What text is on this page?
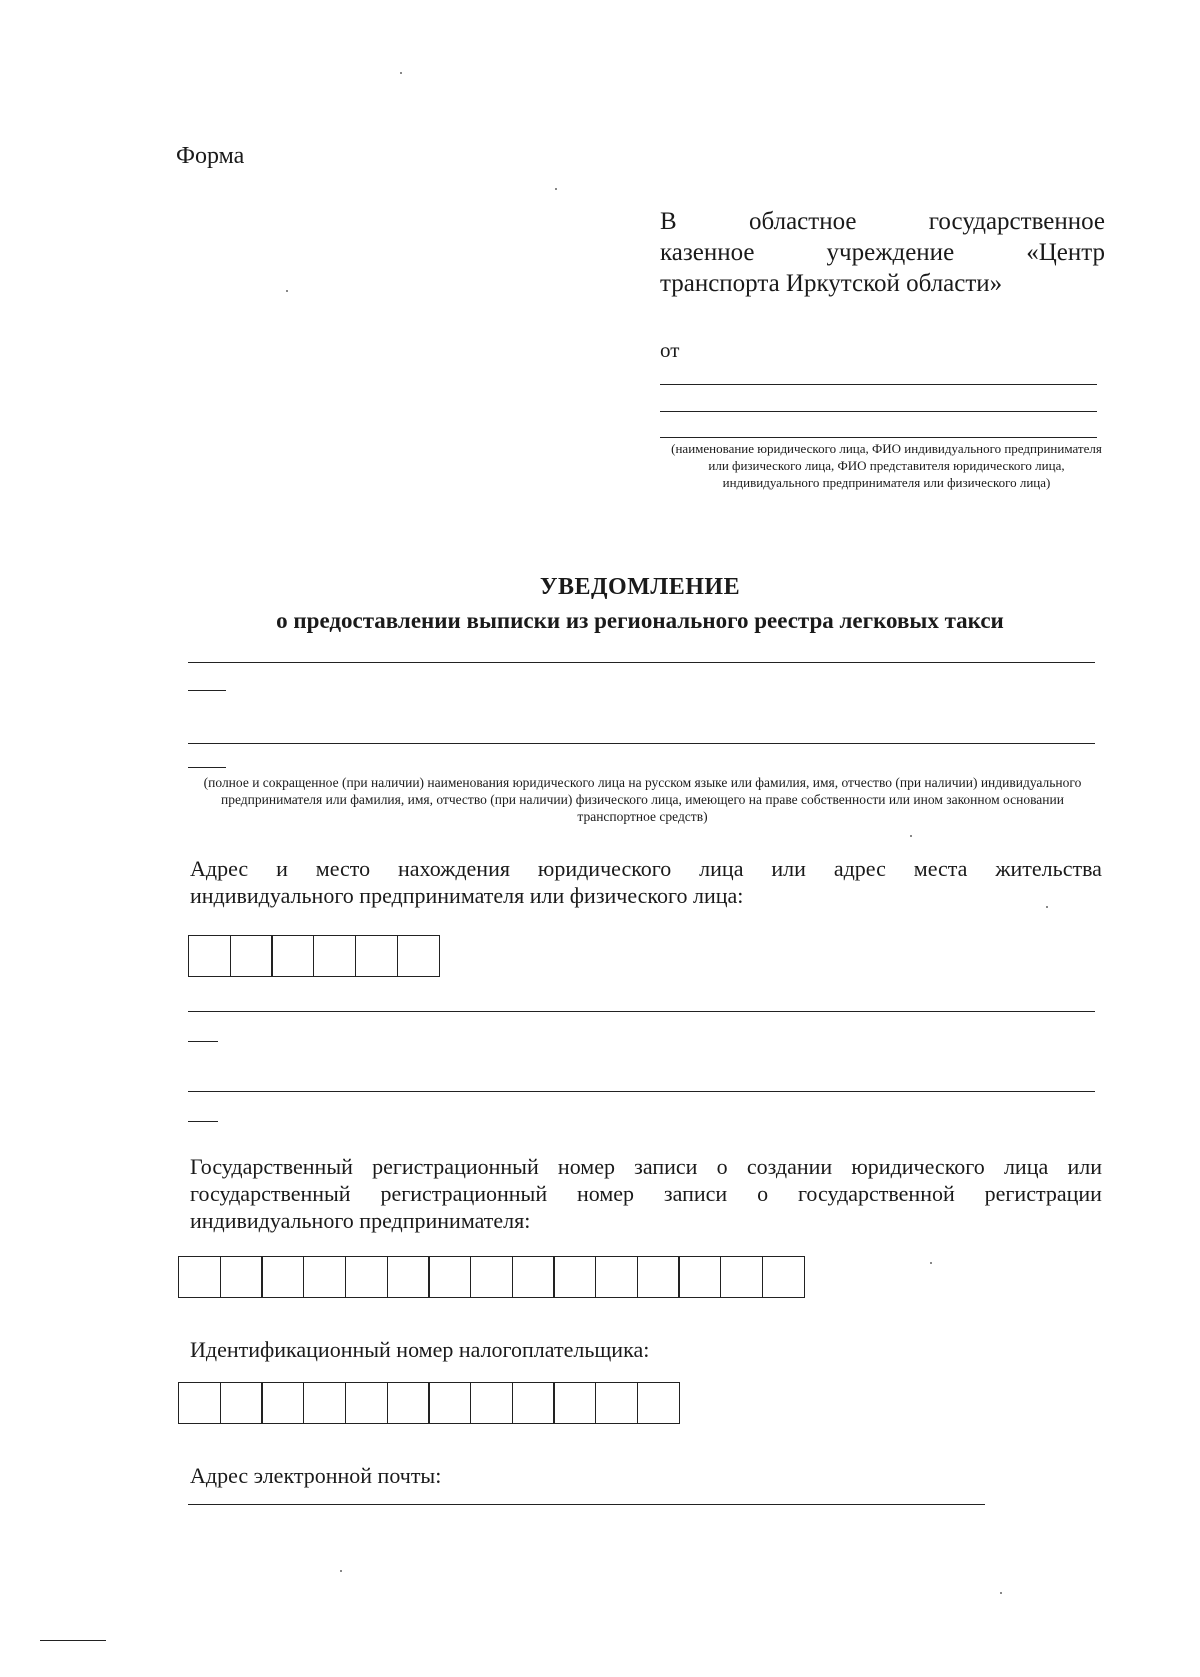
Форма
В	областное	государственное
казенное	учреждение	«Центр
транспорта Иркутской области»
от
(наименование юридического лица, ФИО индивидуального предпринимателя или физического лица, ФИО представителя юридического лица, индивидуального предпринимателя или физического лица)
УВЕДОМЛЕНИЕ
о предоставлении выписки из регионального реестра легковых такси
(полное и сокращенное (при наличии) наименования юридического лица на русском языке или фамилия, имя, отчество (при наличии) индивидуального предпринимателя или фамилия, имя, отчество (при наличии) физического лица, имеющего на праве собственности или ином законном основании транспортное средств)
Адрес и место нахождения юридического лица или адрес места жительства
индивидуального предпринимателя или физического лица:
Государственный регистрационный номер записи о создании юридического лица или
государственный регистрационный номер записи о государственной регистрации
индивидуального предпринимателя:
Идентификационный номер налогоплательщика:
Адрес электронной почты:
